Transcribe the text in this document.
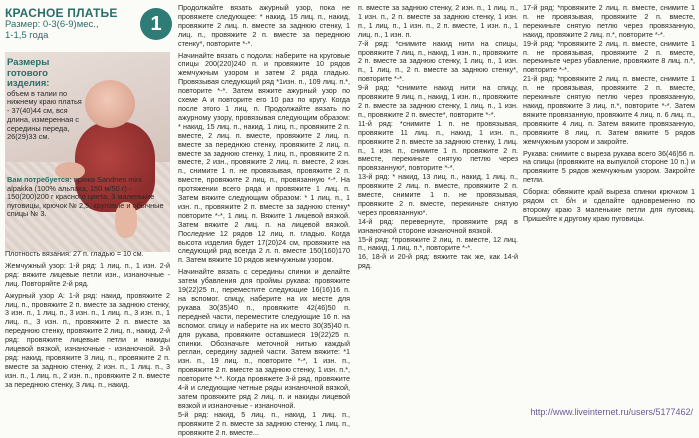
КРАСНОЕ ПЛАТЬЕ
Размер: 0-3(6-9)мес.,
1-1,5 года	1
Размеры готового изделия:
объем в талии по нижнему краю платья - 37(40)44 см, вся длина, измеренная с середины переда, 26(29)33 см.
Вам потребуется: пряжа Sandnes mini alpakka (100% альпака, 150 м/50 г) - 150(200)200 г красного цвета, 3 маленькие пуговицы, крючок № 2,5, круговые и обычные спицы № 3.

Плотность вязания: 27 п. гладью = 10 см.

Жемчужный узор: 1-й ряд: 1 лиц. п., 1 изн. 2-й ряд: вяжите лицевые петли изн., изнаночные - лиц. Повторяйте 2-й ряд.

Ажурный узор A: 1-й ряд: накид, провяжите 2 лиц. п., провяжите 2 п. вместе за заднюю стенку, 3 изн. п., 1 лиц. п., 3 изн. п., 1 лиц. п., 3 изн. п., 1 лиц. п., 3 изн. п., провяжите 2 п. вместе за переднюю стенку, провяжите 2 лиц. п., накид. 2-й ряд: провяжите лицевые петли и накиды лицевой вязкой, изнаночные - изнаночной. 3-й ряд: накид, провяжите 3 лиц. п., провяжите 2 п. вместе за заднюю стенку, 2 изн. п., 1 лиц. п., 3 изн. п., 1 лиц. п., 2 изн. п., провяжите 2 п. вместе за переднюю стенку, 3 лиц. п., накид.

Продолжайте вязать ажурный узор, пока не провяжете следующее: * накид, 15 лиц. п., накид, провяжите 2 лиц. п. вместе за заднюю стенку, 1 лиц. п., провяжите 2 п. вместе за переднюю стенку*, повторите *-*.

Начинайте вязать с подола: наберите на круговые спицы 200(220)240 п. и провяжите 10 рядов жемчужным узором и затем 2 ряда гладью. Провязывая следующий ряд *1изн. п., 109 лиц. п.*, повторите *-*. Затем вяжите ажурный узор по схеме A и повторите его 10 раз по кругу. Когда после этого 1 лиц. п. Продолжайте вязать по ажурному узору, провязывая следующим образом: * накид, 15 лиц. п., накид, 1 лиц. п., провяжите 2 п. вместе, 2 лиц. п. вместе, провяжите 2 лиц. п. вместе за переднюю стенку, провяжите 2 лиц. п. вместе за заднюю стенку, 1 лиц. п., провяжите 2 п. вместе, 2 изн., провяжите 2 лиц. п. вместе, 2 изн. п., снимите 1 п. не провязывая, провяжите 2 п. вместе, провяжите 2 лиц. п., провязанную *-*. На протяжении всего ряда и провяжите 1 лиц. п. Затем вяжите следующим образом: * 1 лиц. п., 1 изн. п., провяжите 2 п. вместе за заднюю стенку* повторите *-*, 1 лиц. п. Вяжите 1 лицевой вязкой. Затем вяжите 2 лиц. п. на лицевой вязкой. Последние 12 рядов 12 лиц. п. гладью. Когда высота изделия будет 17(20)24 см, провяжите на следующий ряд всегда 2 л. п. вместе 150(160)170 п. Затем вяжите 10 рядов жемчужным узором.

Начинайте вязать с середины спинки и делайте затем убавления для проймы рукава: провяжите 19(22)25 п., переместите следующие 16(16)16 п. на вспомог. спицу, наберите на их месте для рукава 30(35)40 п., провяжите 42(46)50 п. передней части, переместите следующие 16 п. на вспомог. спицу и наберите на их место 30(35)40 п. для рукава, провяжите оставшиеся 19(22)25 п. спинки. Обозначьте меточной нитью каждый реглан, середину задней части. Затем вяжите: *1 изн. п., 19 лиц. п., повторите *-*, 1 изн. п., провяжите 2 п. вместе за заднюю стенку, 1 изн. п.*, повторите *-*. Когда провяжете 3-й ряд, провяжите 4-й и следующие четные ряды изнаночной вязкой, затем провяжите ряд 2 лиц. п. и накиды лицевой вязкой и изнаночные - изнаночной.

5-й ряд: накид, 5 лиц. п., накид, 1 лиц. п., провяжите 2 п. вместе за заднюю стенку, 1 лиц. п., провяжите 2 п. вместе...

п. вместе за заднюю стенку, 2 изн. п., 1 лиц. п., 1 изн. п., 2 п. вместе за заднюю стенку, 1 изн. п., 1 лиц. п., 1 изн. п., 2 п. вместе, 1 изн. п., 1 лиц. п., 1 изн. п.

7-й ряд: *снимите накид нити на спицы, провяжите 7 лиц. п., накид, 1 изн. п., провяжите 2 п. вместе за заднюю стенку, 1 лиц. п., 1 изн. п., 1 лиц. п., 2 п. вместе за заднюю стенку*, повторите *-*.

9-й ряд: *снимите накид нити на спицу, провяжите 9 лиц. п., накид, 1 изн. п., провяжите 2 п. вместе за заднюю стенку, 1 лиц. п., 1 изн. п., провяжите 2 п. вместе*, повторите *-*.

11-й ряд: *снимите 1 п. не провязывая, провяжите 11 лиц. п., накид, 1 изн. п., провяжите 2 п. вместе за заднюю стенку, 1 лиц. п., 1 изн. п., снимите 1 п. провяжите 2 п. вместе, перекиньте снятую петлю через провязанную*, повторите *-*.

13-й ряд: * накид, 13 лиц. п., накид, 1 лиц. п., провяжите 2 лиц. п. вместе, провяжите 2 п. вместе, снимите 1 п. не провязывая, провяжите 2 п. вместе, перекиньте снятую через провязанную*.

14-й ряд: перевернуте, провяжите ряд в изнаночной стороне изнаночной вязкой.

15-й ряд: *провяжите 2 лиц. п. вместе, 12 лиц. п., накид, 1 лиц. п.*, повторите *-*.

16, 18-й и 20-й ряд: вяжите так же, как 14-й ряд.

17-й ряд: *провяжите 2 лиц. п. вместе, снимите 1 п. не провязывая, провяжите 2 п. вместе, перекиньте снятую петлю через провязанную, накид, провяжите 2 лиц. п.*, повторите *-*.

19-й ряд: *провяжите 2 лиц. п. вместе, снимите 1 п. не провязывая, провяжите 2 п. вместе, перекиньте через убавление, провяжите 8 лиц. п.*, повторите *-*.

21-й ряд: *провяжите 2 лиц. п. вместе, снимите 1 п. не провязывая, провяжите 2 п. вместе, перекиньте снятую петлю через провязанную, накид, провяжите 3 лиц. п.*, повторите *-*. Затем вяжите провязанную, провяжите 4 лиц. п. 6 лиц. п., провяжите 4 лиц. п. Затем вяжите провязанную, провяжите 8 лиц. п. Затем вяжите 5 рядов жемчужным узором и закройте.

Рукава: снимите с выреза рукава всего 36(46)56 п. на спицы (провяжите на выпуклой стороне 10 п.) и провяжите 5 рядов жемчужным узором. Закройте петли.

Сборка: обвяжите край выреза спинки крючком 1 рядом ст. б/н и сделайте одновременно по второму краю 3 маленькие петли для пуговиц. Пришейте к другому краю пуговицы.

http://www.liveinternet.ru/users/5177462/
